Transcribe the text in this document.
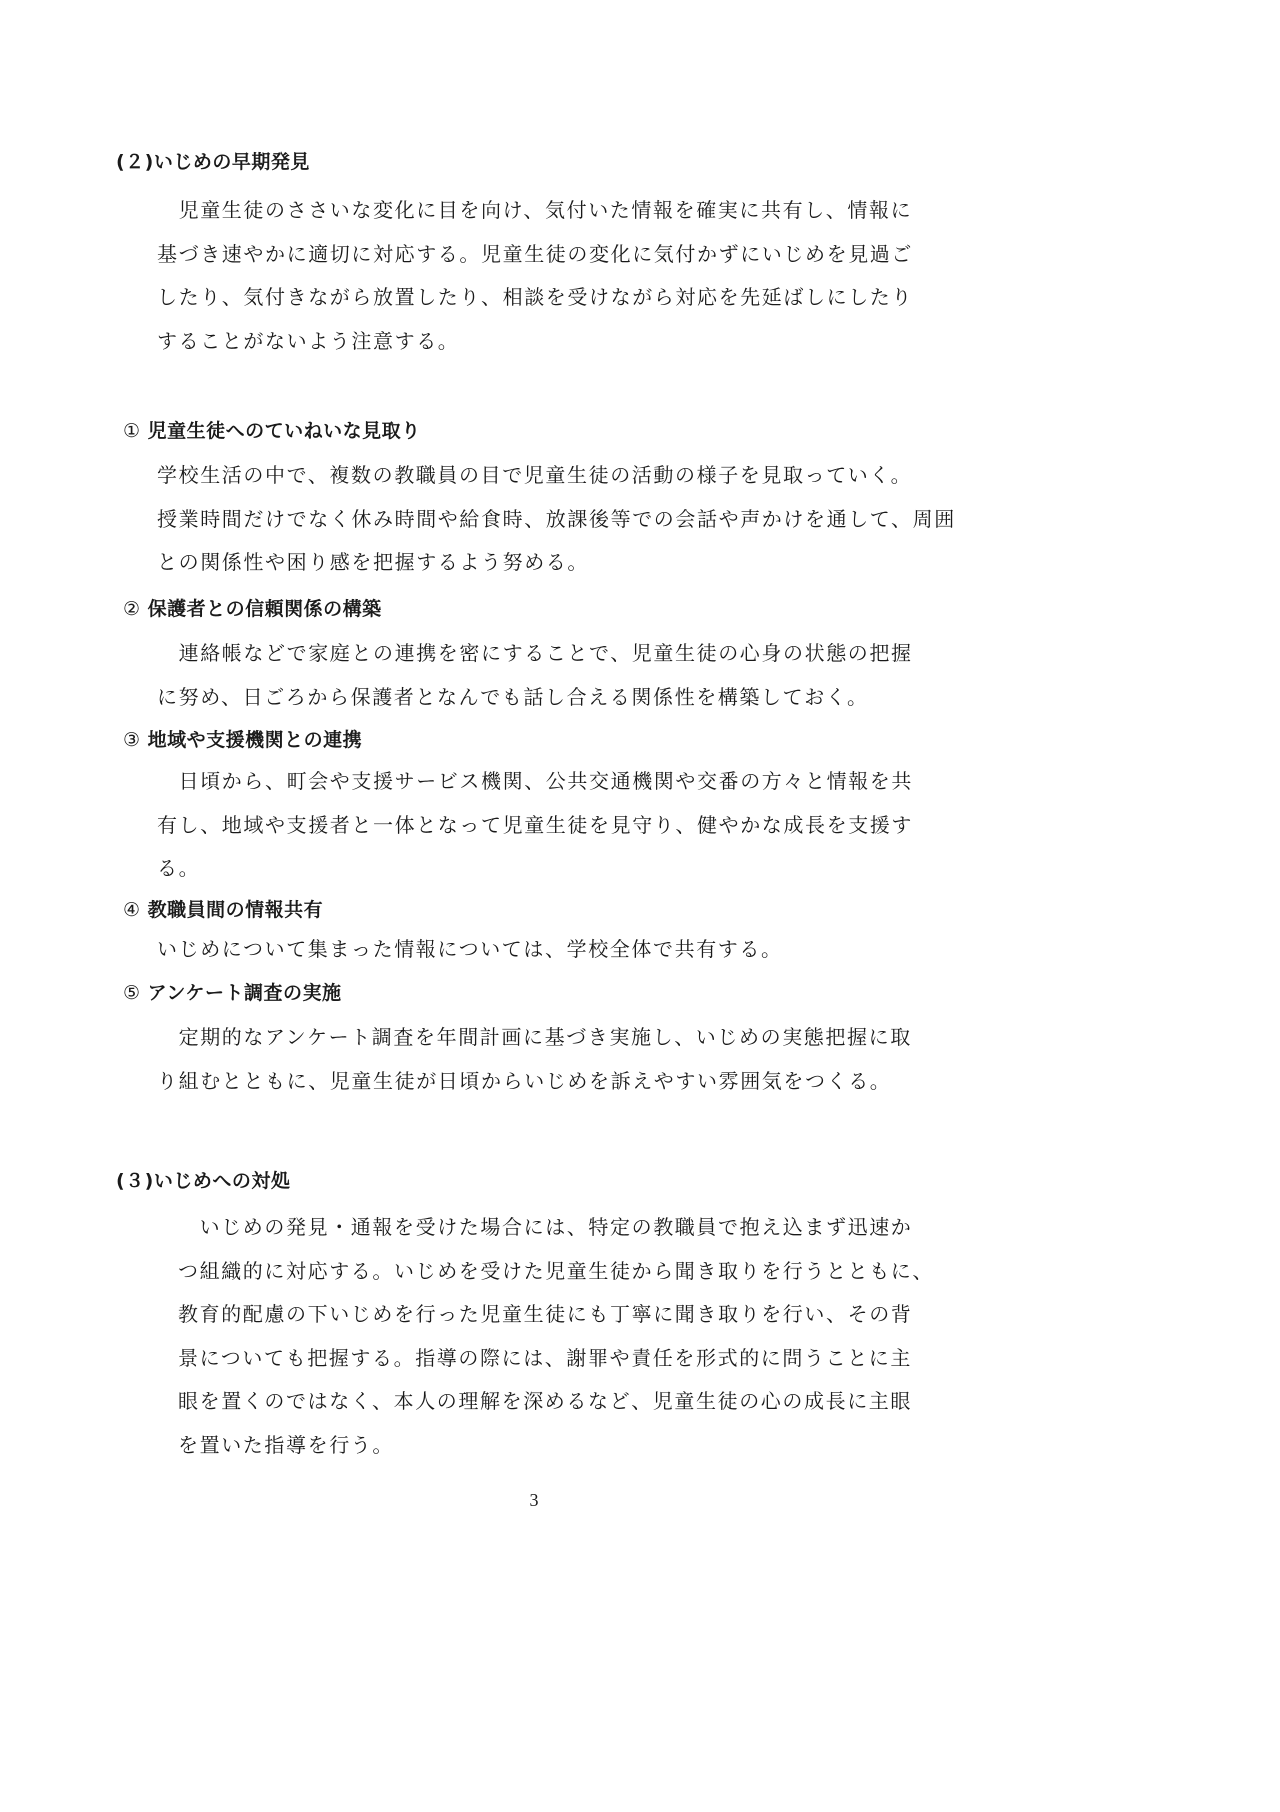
(２)いじめの早期発見
　児童生徒のささいな変化に目を向け、気付いた情報を確実に共有し、情報に
基づき速やかに適切に対応する。児童生徒の変化に気付かずにいじめを見過ご
したり、気付きながら放置したり、相談を受けながら対応を先延ばしにしたり
することがないよう注意する。
① 児童生徒へのていねいな見取り
学校生活の中で、複数の教職員の目で児童生徒の活動の様子を見取っていく。
授業時間だけでなく休み時間や給食時、放課後等での会話や声かけを通して、周囲
との関係性や困り感を把握するよう努める。
② 保護者との信頼関係の構築
　連絡帳などで家庭との連携を密にすることで、児童生徒の心身の状態の把握
に努め、日ごろから保護者となんでも話し合える関係性を構築しておく。
③ 地域や支援機関との連携
　日頃から、町会や支援サービス機関、公共交通機関や交番の方々と情報を共
有し、地域や支援者と一体となって児童生徒を見守り、健やかな成長を支援す
る。
④ 教職員間の情報共有
いじめについて集まった情報については、学校全体で共有する。
⑤ アンケート調査の実施
　定期的なアンケート調査を年間計画に基づき実施し、いじめの実態把握に取
り組むとともに、児童生徒が日頃からいじめを訴えやすい雰囲気をつくる。
(３)いじめへの対処
　いじめの発見・通報を受けた場合には、特定の教職員で抱え込まず迅速か
つ組織的に対応する。いじめを受けた児童生徒から聞き取りを行うとともに、
教育的配慮の下いじめを行った児童生徒にも丁寧に聞き取りを行い、その背
景についても把握する。指導の際には、謝罪や責任を形式的に問うことに主
眼を置くのではなく、本人の理解を深めるなど、児童生徒の心の成長に主眼
を置いた指導を行う。
3
